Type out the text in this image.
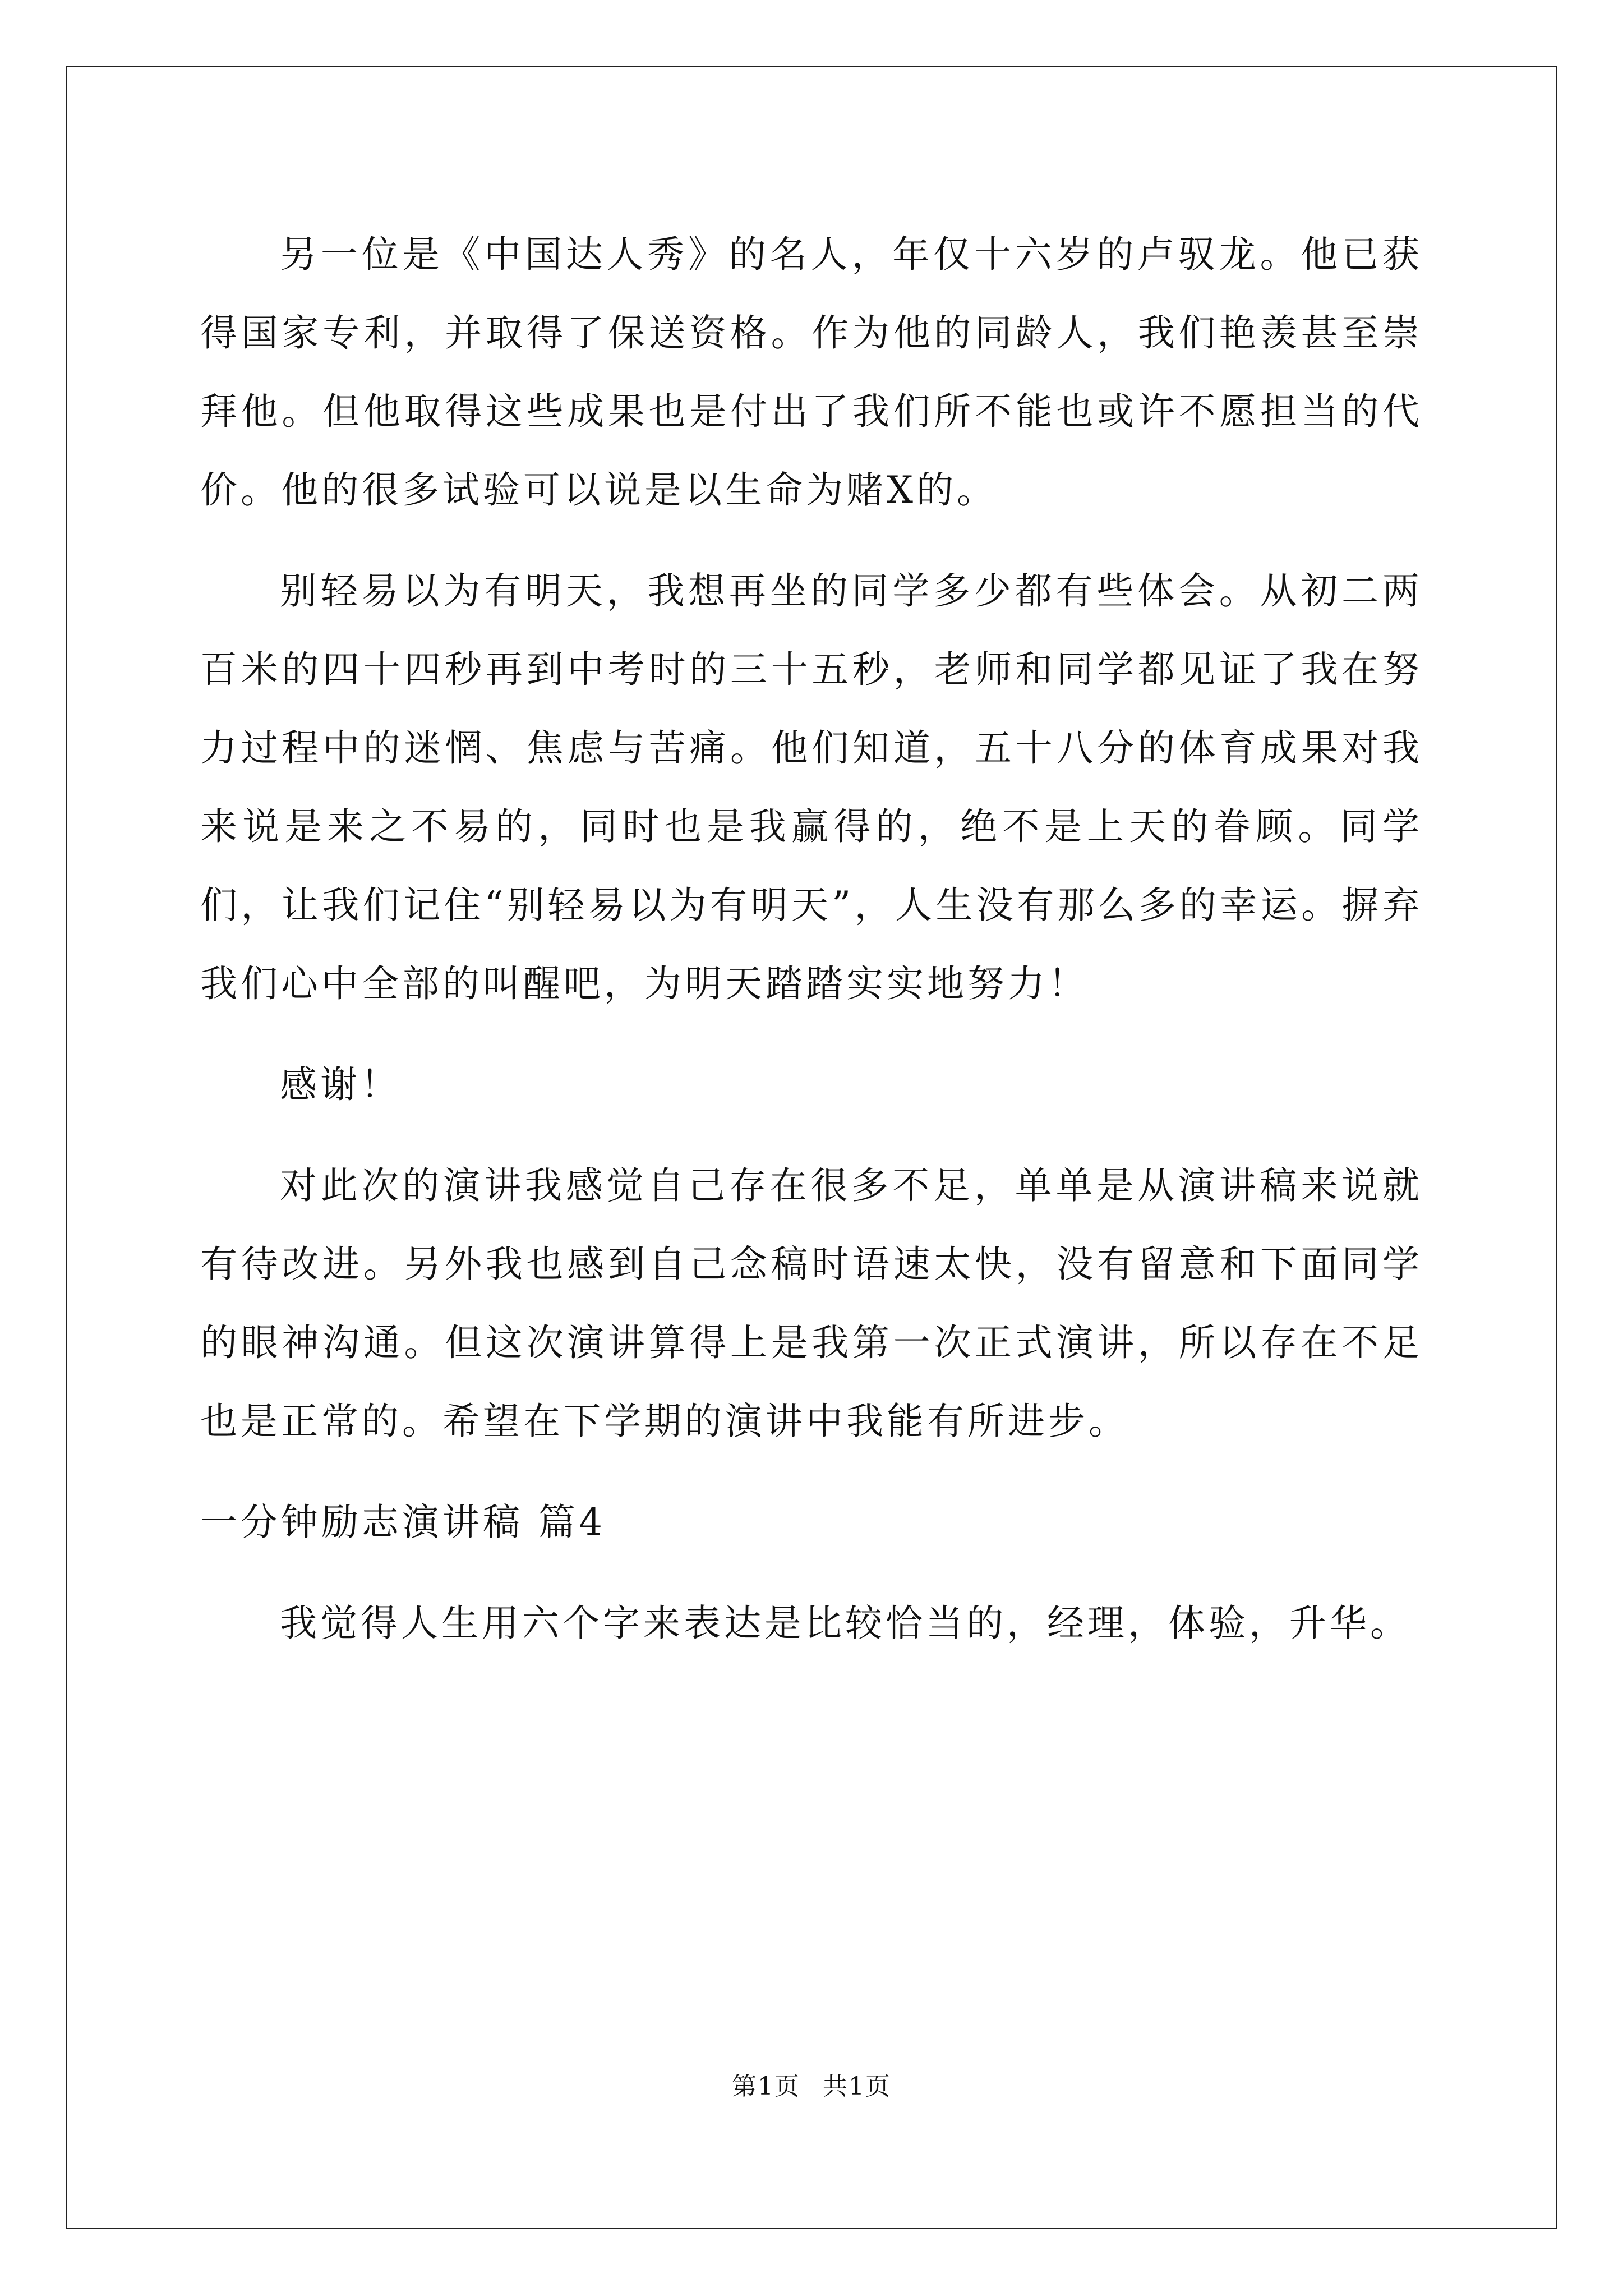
另一位是《中国达人秀》的名人，年仅十六岁的卢驭龙。他已获得国家专利，并取得了保送资格。作为他的同龄人，我们艳羡甚至崇拜他。但他取得这些成果也是付出了我们所不能也或许不愿担当的代价。他的很多试验可以说是以生命为赌X的。

别轻易以为有明天，我想再坐的同学多少都有些体会。从初二两百米的四十四秒再到中考时的三十五秒，老师和同学都见证了我在努力过程中的迷惘、焦虑与苦痛。他们知道，五十八分的体育成果对我来说是来之不易的，同时也是我赢得的，绝不是上天的眷顾。同学们，让我们记住“别轻易以为有明天”，人生没有那么多的幸运。摒弃我们心中全部的叫醒吧，为明天踏踏实实地努力！

感谢！

对此次的演讲我感觉自己存在很多不足，单单是从演讲稿来说就有待改进。另外我也感到自己念稿时语速太快，没有留意和下面同学的眼神沟通。但这次演讲算得上是我第一次正式演讲，所以存在不足也是正常的。希望在下学期的演讲中我能有所进步。

一分钟励志演讲稿 篇4

我觉得人生用六个字来表达是比较恰当的，经理，体验，升华。

第1页 共1页
